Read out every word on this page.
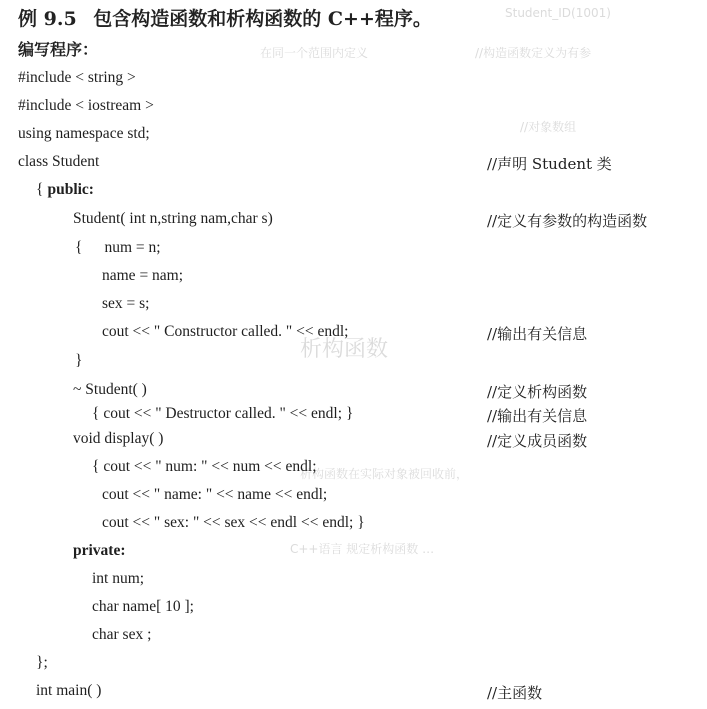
Student_ID(1001)
在同一个范围内定义	//构造函数定义为有参
//对象数组
析构函数在实际对象被回收前，
C++语言 规定析构函数 …
析构函数
例 9.5 包含构造函数和析构函数的 C++程序。
编写程序：
#include < string >
#include < iostream >
using namespace std;
class Student	//声明 Student 类
{ public:
Student( int n,string nam,char s)	//定义有参数的构造函数
{ num = n;
name = nam;
sex = s;
cout << " Constructor called. " << endl;	//输出有关信息
}
~ Student( )	//定义析构函数
{ cout << " Destructor called. " << endl; }	//输出有关信息
void display( )	//定义成员函数
{ cout << " num: " << num << endl;
cout << " name: " << name << endl;
cout << " sex: " << sex << endl << endl; }
private:
int num;
char name[ 10 ];
char sex ;
};
int main( )	//主函数
